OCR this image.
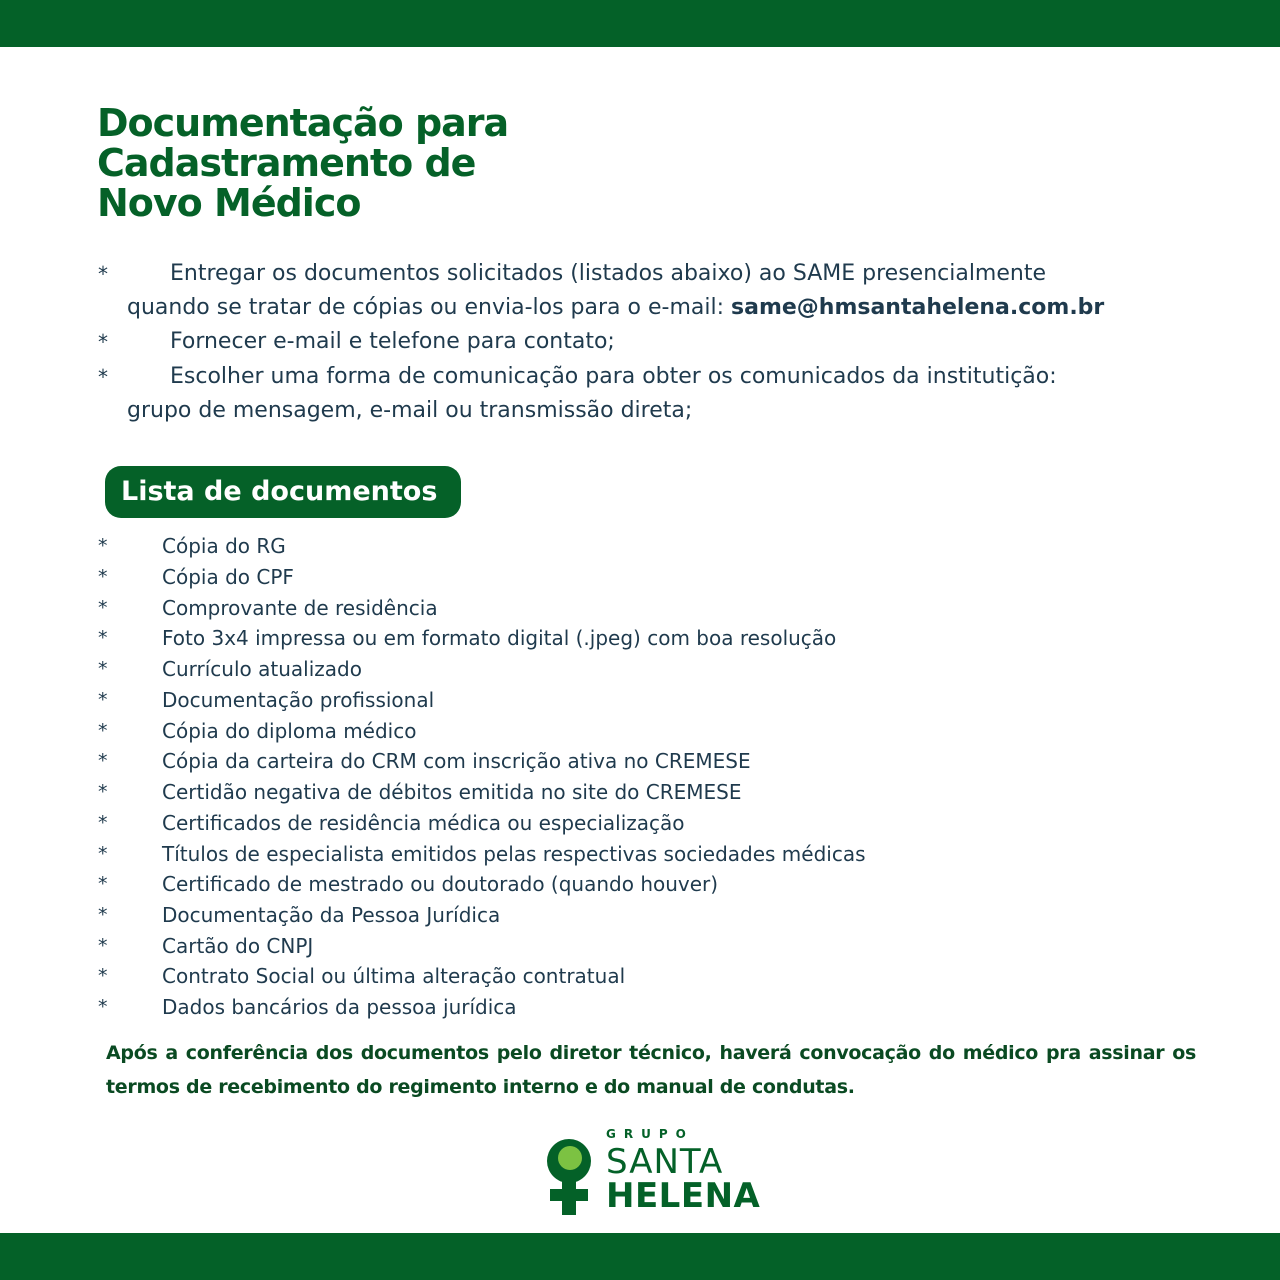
Documentação para
Cadastramento de
Novo Médico
*	Entregar os documentos solicitados (listados abaixo) ao SAME presencialmente
quando se tratar de cópias ou envia-los para o e-mail: same@hmsantahelena.com.br
*	Fornecer e-mail e telefone para contato;
*	Escolher uma forma de comunicação para obter os comunicados da institutição:
grupo de mensagem, e-mail ou transmissão direta;
Lista de documentos
*	Cópia do RG
*	Cópia do CPF
*	Comprovante de residência
*	Foto 3x4 impressa ou em formato digital (.jpeg) com boa resolução
*	Currículo atualizado
*	Documentação profissional
*	Cópia do diploma médico
*	Cópia da carteira do CRM com inscrição ativa no CREMESE
*	Certidão negativa de débitos emitida no site do CREMESE
*	Certificados de residência médica ou especialização
*	Títulos de especialista emitidos pelas respectivas sociedades médicas
*	Certificado de mestrado ou doutorado (quando houver)
*	Documentação da Pessoa Jurídica
*	Cartão do CNPJ
*	Contrato Social ou última alteração contratual
*	Dados bancários da pessoa jurídica

Após a conferência dos documentos pelo diretor técnico, haverá convocação do médico pra assinar os termos de recebimento do regimento interno e do manual de condutas.

GRUPO
SANTA
HELENA
